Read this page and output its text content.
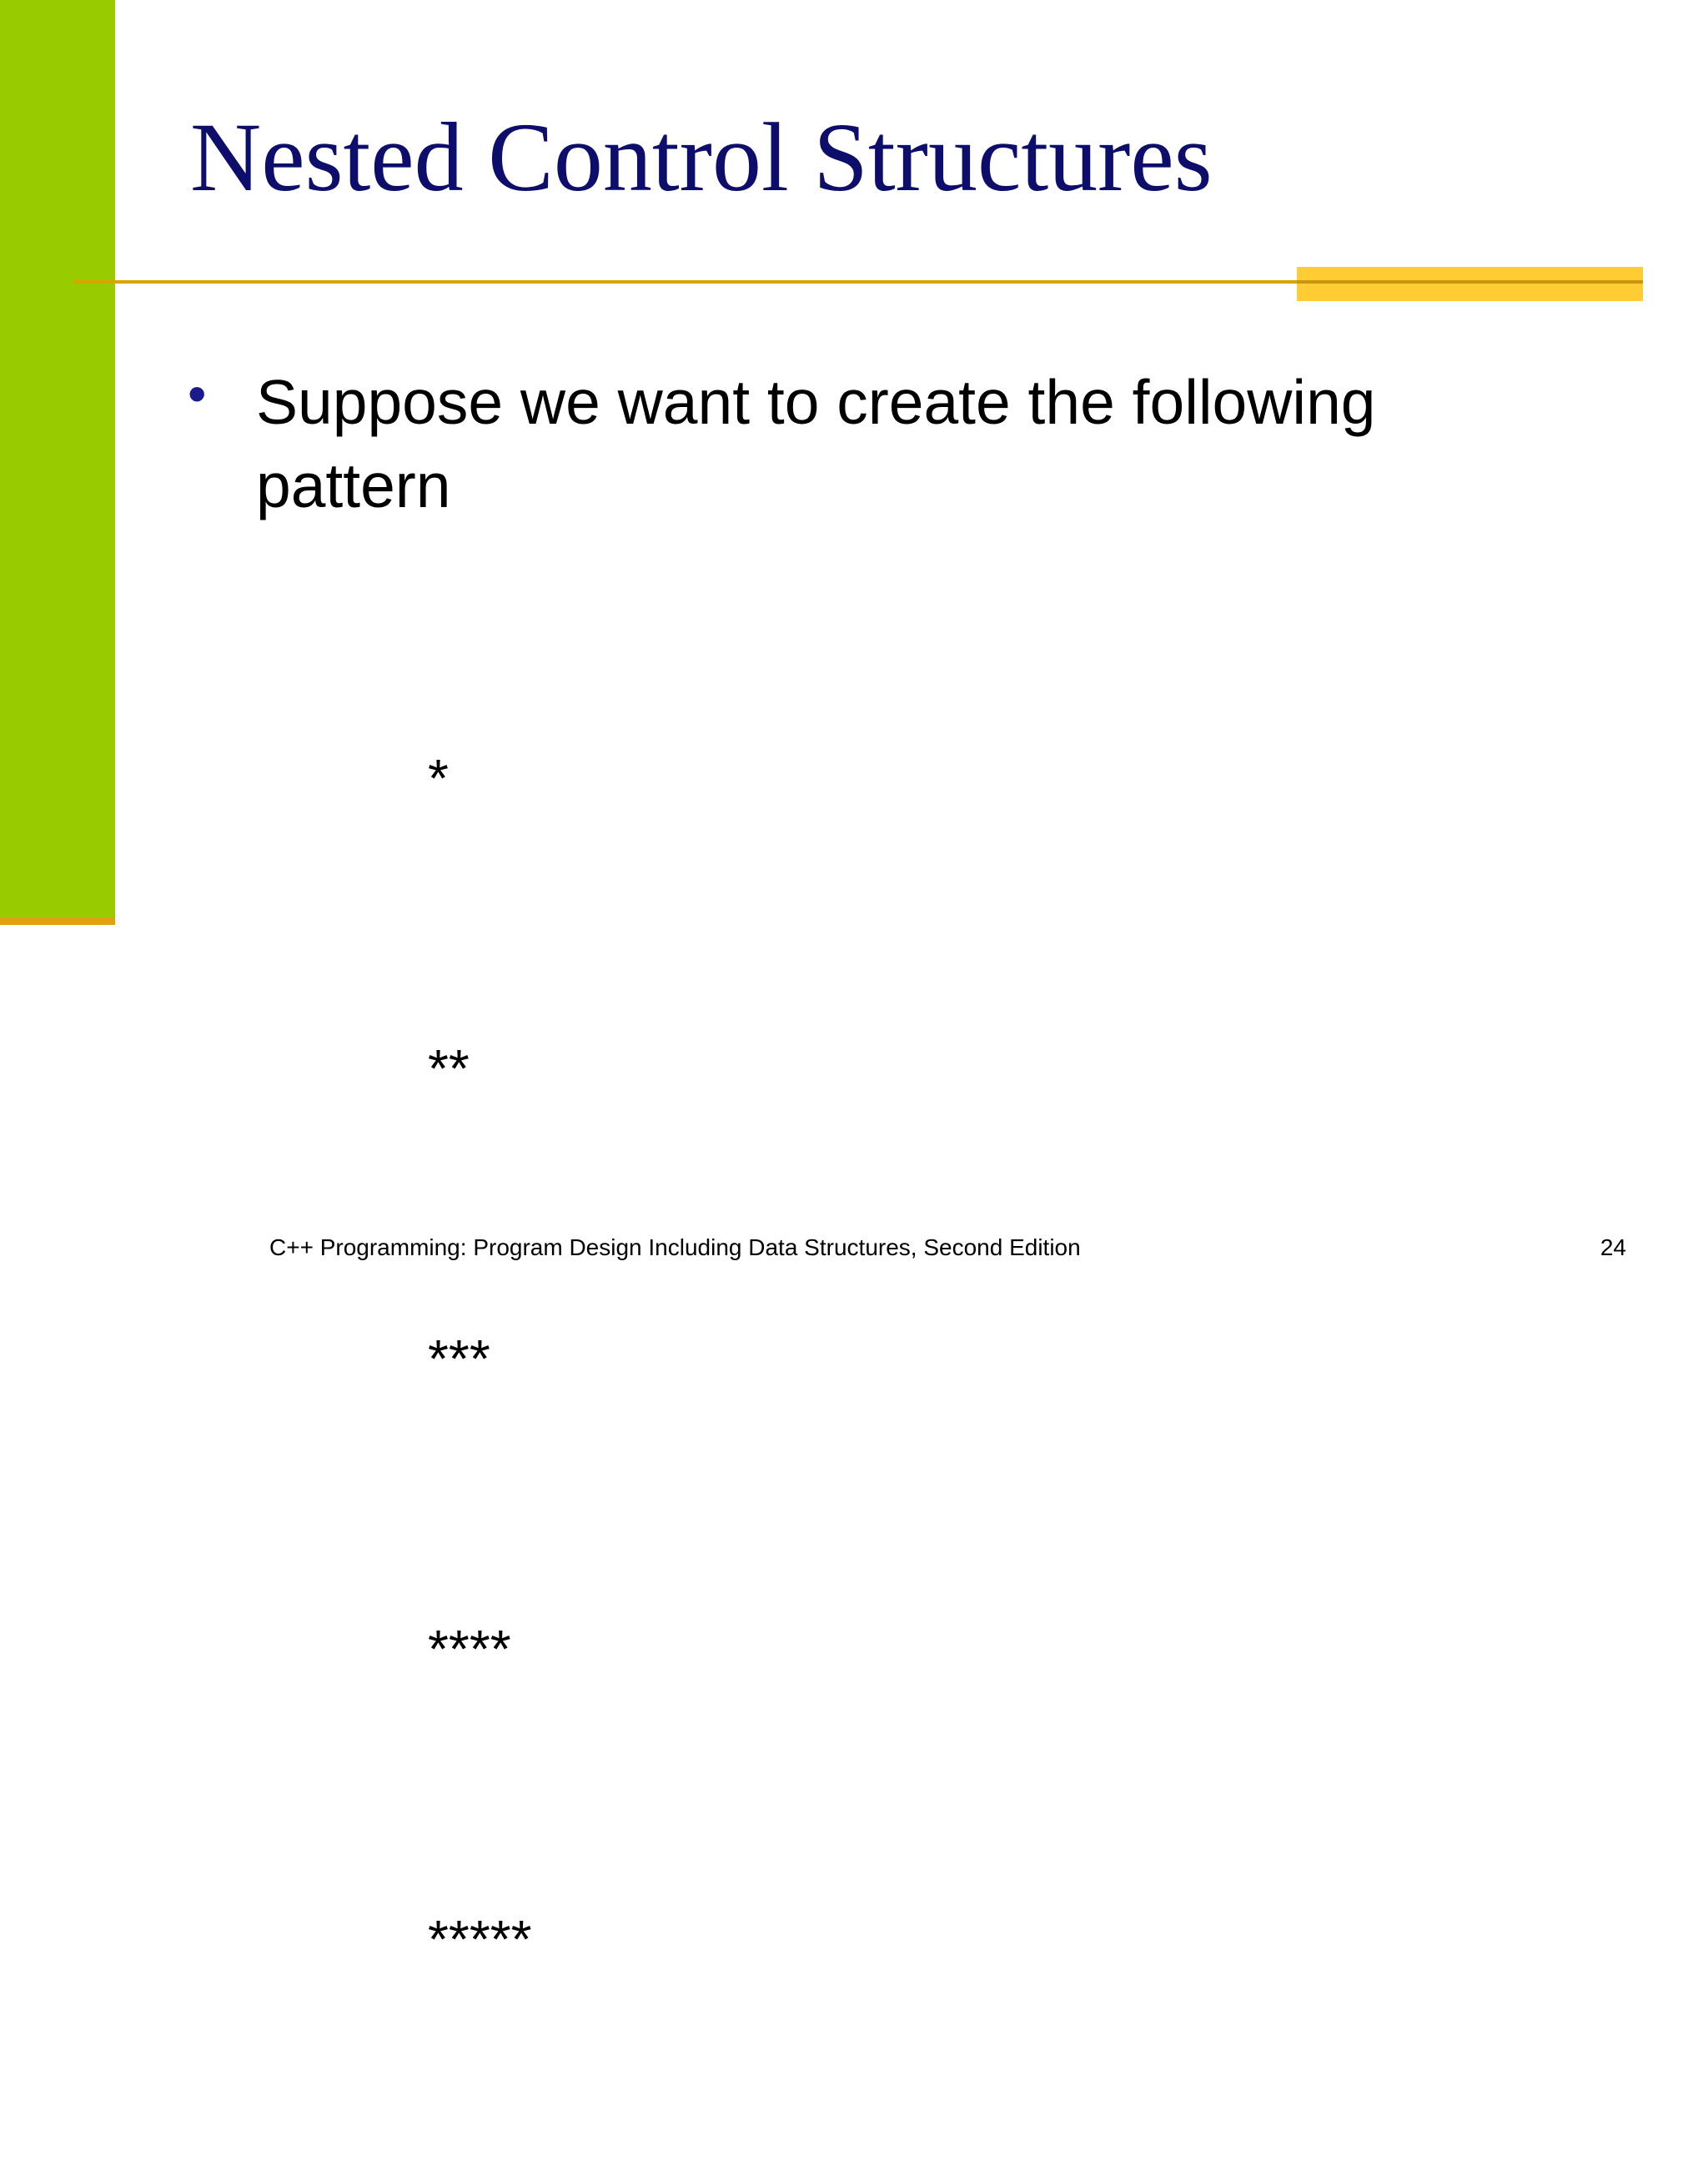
Nested Control Structures
• Suppose we want to create the following pattern

*

**

***

****

*****

C++ Programming: Program Design Including Data Structures, Second Edition	24
